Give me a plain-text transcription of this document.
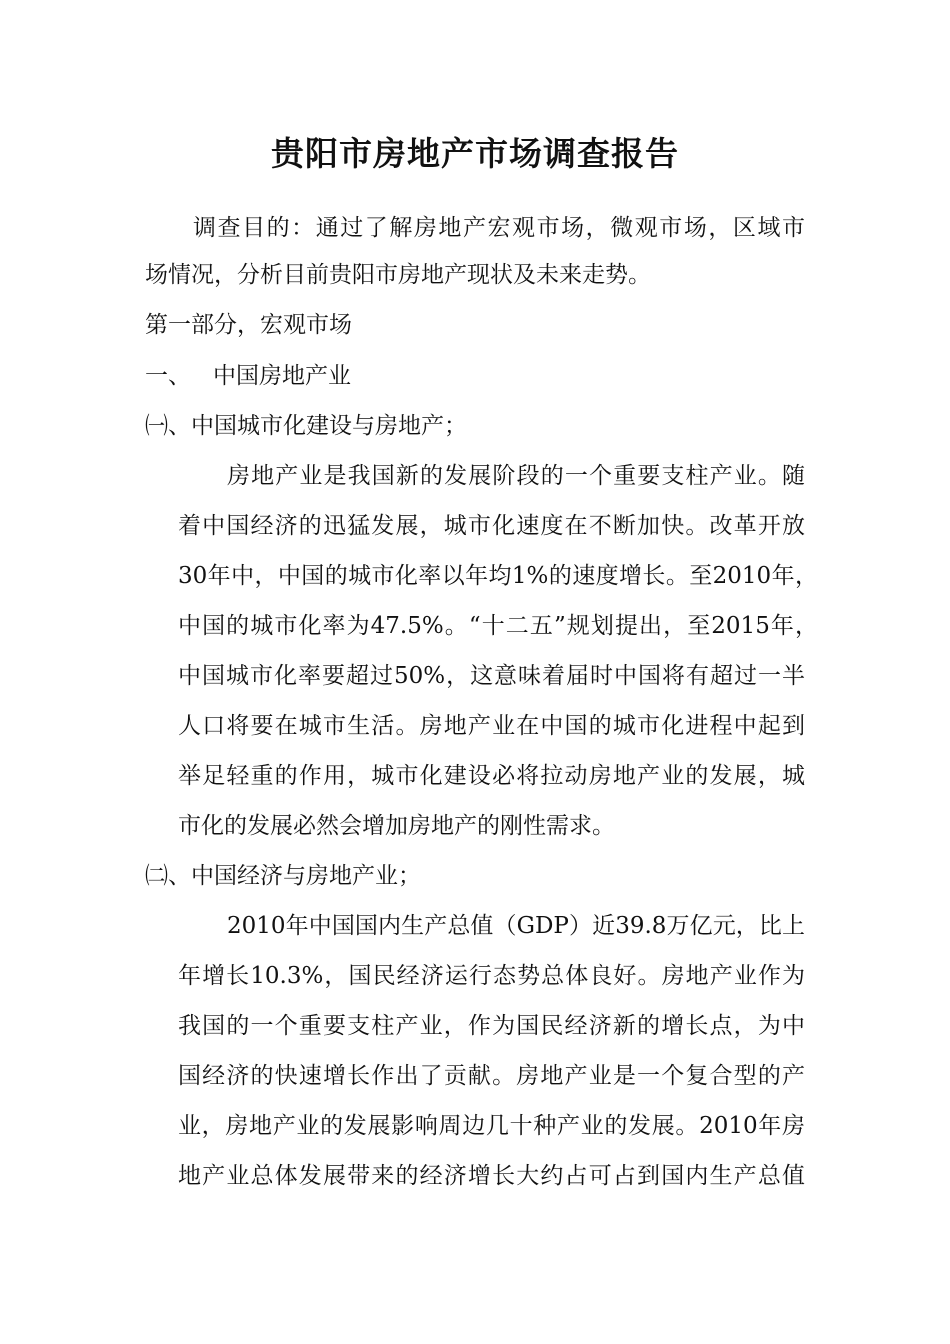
贵阳市房地产市场调查报告
调查目的：通过了解房地产宏观市场，微观市场，区域市
场情况，分析目前贵阳市房地产现状及未来走势。
第一部分，宏观市场
一、 中国房地产业
㈠、中国城市化建设与房地产；
房地产业是我国新的发展阶段的一个重要支柱产业。随
着中国经济的迅猛发展，城市化速度在不断加快。改革开放
30年中，中国的城市化率以年均1%的速度增长。至2010年，
中国的城市化率为47.5%。“十二五”规划提出，至2015年，
中国城市化率要超过50%，这意味着届时中国将有超过一半
人口将要在城市生活。房地产业在中国的城市化进程中起到
举足轻重的作用，城市化建设必将拉动房地产业的发展，城
市化的发展必然会增加房地产的刚性需求。
㈡、中国经济与房地产业；
2010年中国国内生产总值（GDP）近39.8万亿元，比上
年增长10.3%，国民经济运行态势总体良好。房地产业作为
我国的一个重要支柱产业，作为国民经济新的增长点，为中
国经济的快速增长作出了贡献。房地产业是一个复合型的产
业，房地产业的发展影响周边几十种产业的发展。2010年房
地产业总体发展带来的经济增长大约占可占到国内生产总值
